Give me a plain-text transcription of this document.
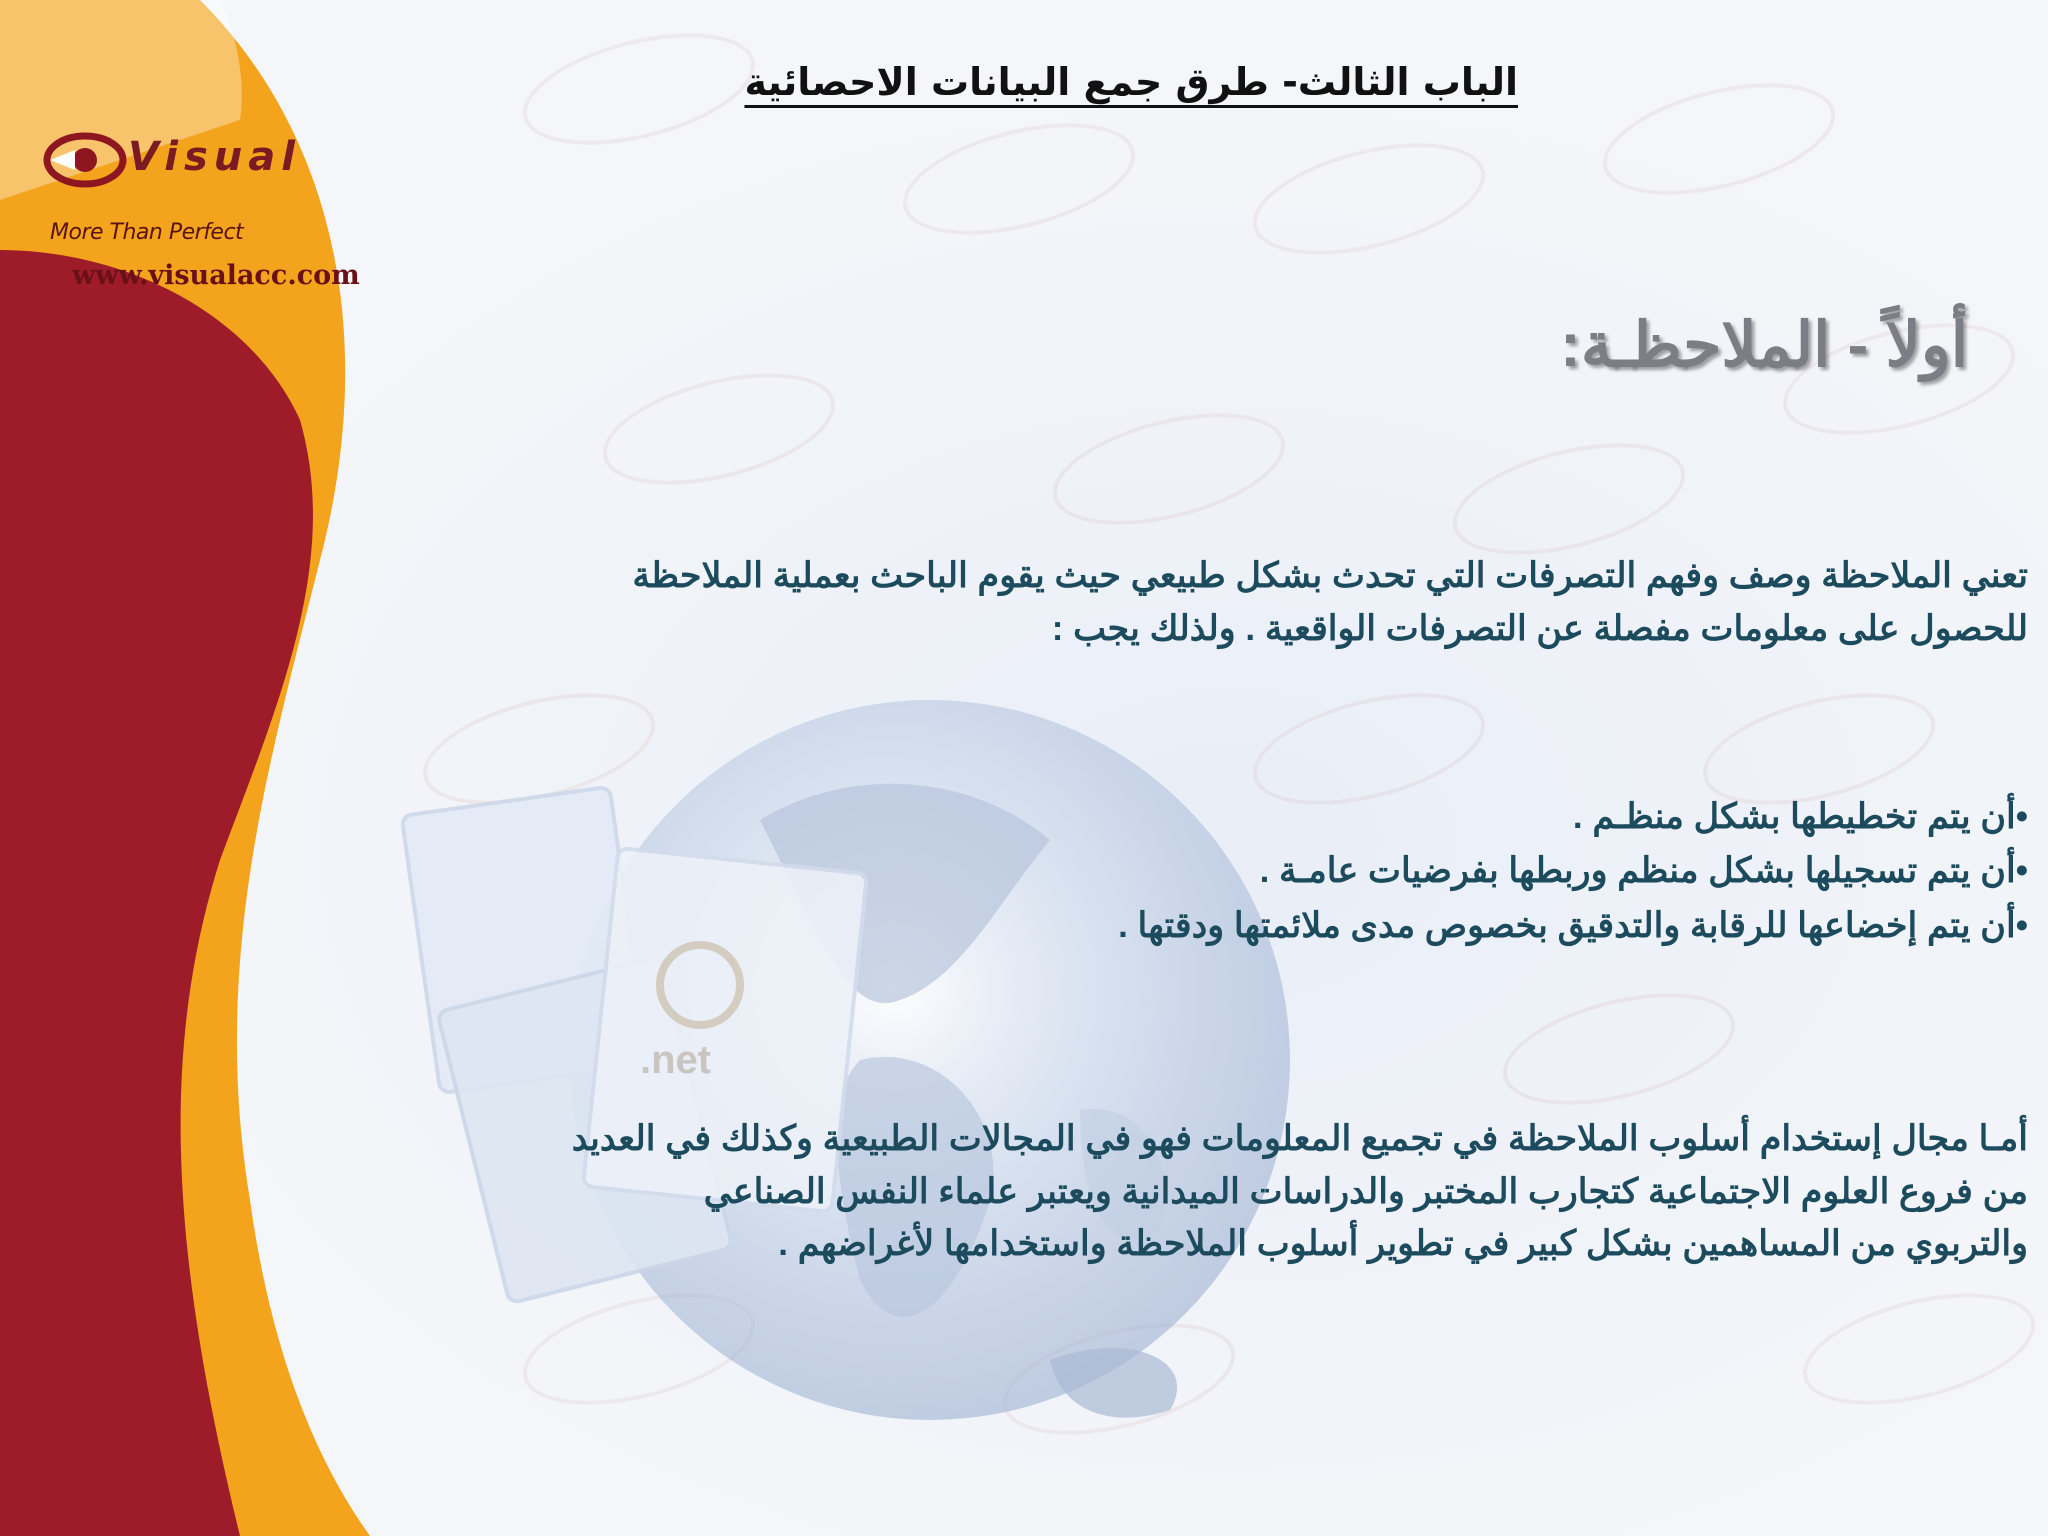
.net
Visual
More Than Perfect
www.visualacc.com
الباب الثالث- طرق جمع البيانات الاحصائية
أولاً - الملاحظـة:
تعني الملاحظة وصف وفهم التصرفات التي تحدث بشكل طبيعي حيث يقوم الباحث بعملية الملاحظة
للحصول على معلومات مفصلة عن التصرفات الواقعية . ولذلك يجب :
•أن يتم تخطيطها بشكل منظـم .
•أن يتم تسجيلها بشكل منظم وربطها بفرضيات عامـة .
•أن يتم إخضاعها للرقابة والتدقيق بخصوص مدى ملائمتها ودقتها .
أمـا مجال إستخدام أسلوب الملاحظة في تجميع المعلومات فهو في المجالات الطبيعية وكذلك في العديد
من فروع العلوم الاجتماعية كتجارب المختبر والدراسات الميدانية ويعتبر علماء النفس الصناعي
والتربوي من المساهمين بشكل كبير في تطوير أسلوب الملاحظة واستخدامها لأغراضهم .
